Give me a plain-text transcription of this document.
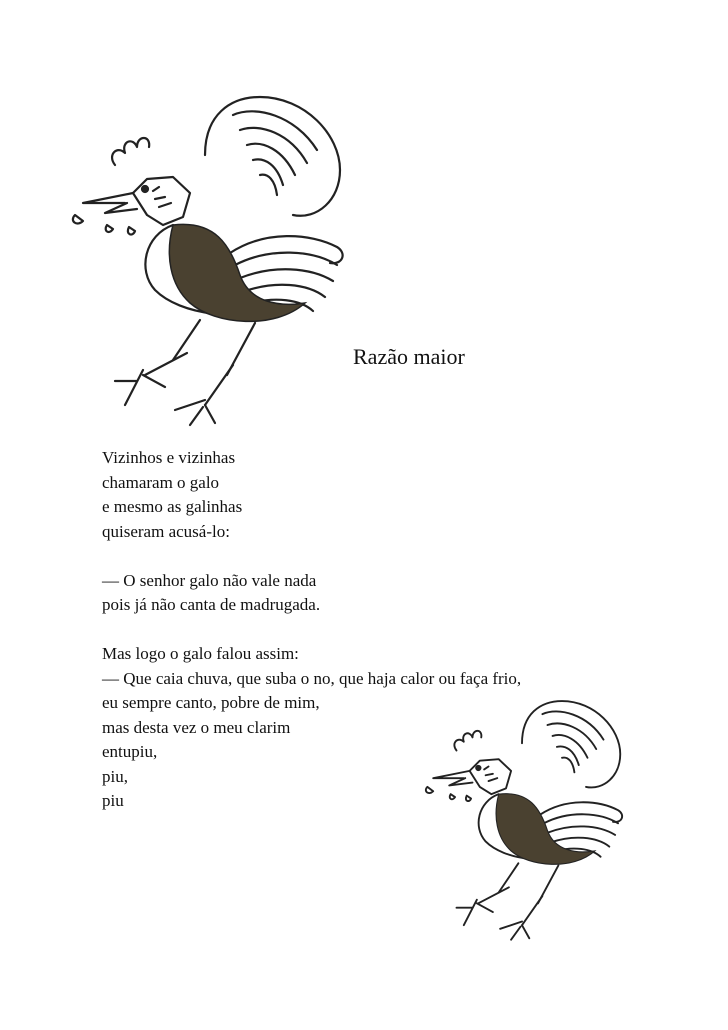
Razão maior
Vizinhos e vizinhas
chamaram o galo
e mesmo as galinhas
quiseram acusá-lo:
— O senhor galo não vale nada
pois já não canta de madrugada.
Mas logo o galo falou assim:
— Que caia chuva, que suba o no, que haja calor ou faça frio,
eu sempre canto, pobre de mim,
mas desta vez o meu clarim
entupiu,
piu,
piu
